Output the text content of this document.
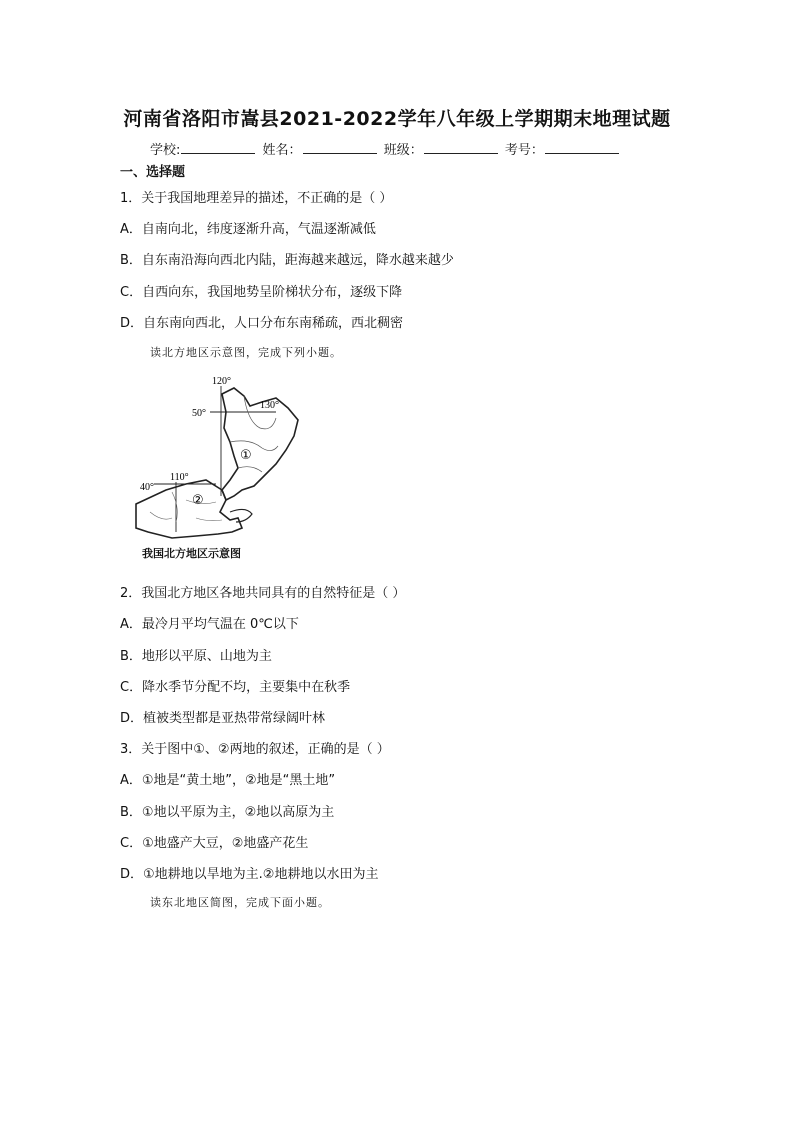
河南省洛阳市嵩县2021-2022学年八年级上学期期末地理试题
学校:	姓名：	班级：	考号：
一、选择题
1．关于我国地理差异的描述，不正确的是（ ）
A．自南向北，纬度逐渐升高，气温逐渐减低
B．自东南沿海向西北内陆，距海越来越远，降水越来越少
C．自西向东，我国地势呈阶梯状分布，逐级下降
D．自东南向西北，人口分布东南稀疏，西北稠密
读北方地区示意图，完成下列小题。
120°
130°
50°
110°
40°
①
②
我国北方地区示意图
2．我国北方地区各地共同具有的自然特征是（ ）
A．最冷月平均气温在 0℃以下
B．地形以平原、山地为主
C．降水季节分配不均，主要集中在秋季
D．植被类型都是亚热带常绿阔叶林
3．关于图中①、②两地的叙述，正确的是（ ）
A．①地是“黄土地”，②地是“黑土地”
B．①地以平原为主，②地以高原为主
C．①地盛产大豆，②地盛产花生
D．①地耕地以旱地为主.②地耕地以水田为主
读东北地区简图，完成下面小题。
